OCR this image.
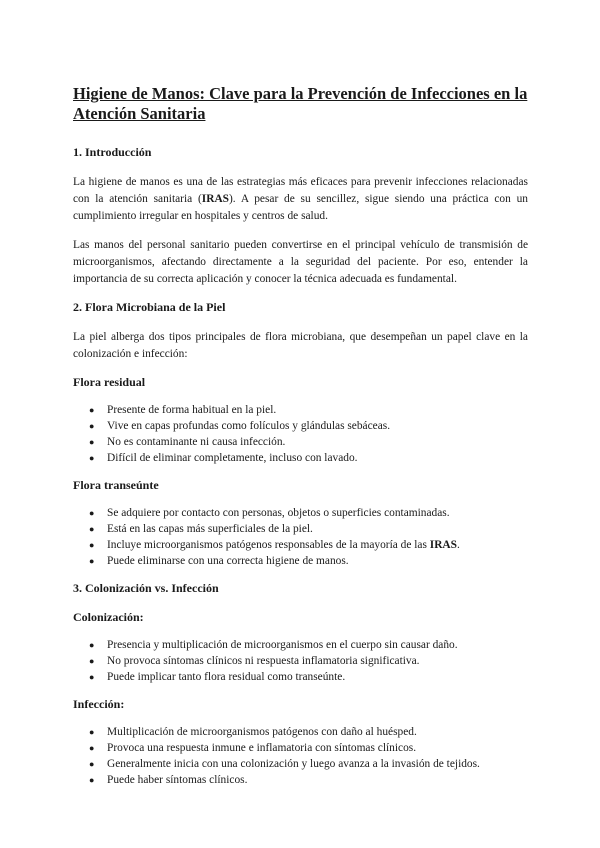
Higiene de Manos: Clave para la Prevención de Infecciones en la
Atención Sanitaria
1. Introducción

La higiene de manos es una de las estrategias más eficaces para prevenir infecciones relacionadas con la atención sanitaria (IRAS). A pesar de su sencillez, sigue siendo una práctica con un cumplimiento irregular en hospitales y centros de salud.

Las manos del personal sanitario pueden convertirse en el principal vehículo de transmisión de microorganismos, afectando directamente a la seguridad del paciente. Por eso, entender la importancia de su correcta aplicación y conocer la técnica adecuada es fundamental.

2. Flora Microbiana de la Piel

La piel alberga dos tipos principales de flora microbiana, que desempeñan un papel clave en la colonización e infección:

Flora residual
● Presente de forma habitual en la piel.
● Vive en capas profundas como folículos y glándulas sebáceas.
● No es contaminante ni causa infección.
● Difícil de eliminar completamente, incluso con lavado.
Flora transeúnte
● Se adquiere por contacto con personas, objetos o superficies contaminadas.
● Está en las capas más superficiales de la piel.
● Incluye microorganismos patógenos responsables de la mayoría de las IRAS.
● Puede eliminarse con una correcta higiene de manos.
3. Colonización vs. Infección
Colonización:
● Presencia y multiplicación de microorganismos en el cuerpo sin causar daño.
● No provoca síntomas clínicos ni respuesta inflamatoria significativa.
● Puede implicar tanto flora residual como transeúnte.
Infección:
● Multiplicación de microorganismos patógenos con daño al huésped.
● Provoca una respuesta inmune e inflamatoria con síntomas clínicos.
● Generalmente inicia con una colonización y luego avanza a la invasión de tejidos.
● Puede haber síntomas clínicos.
